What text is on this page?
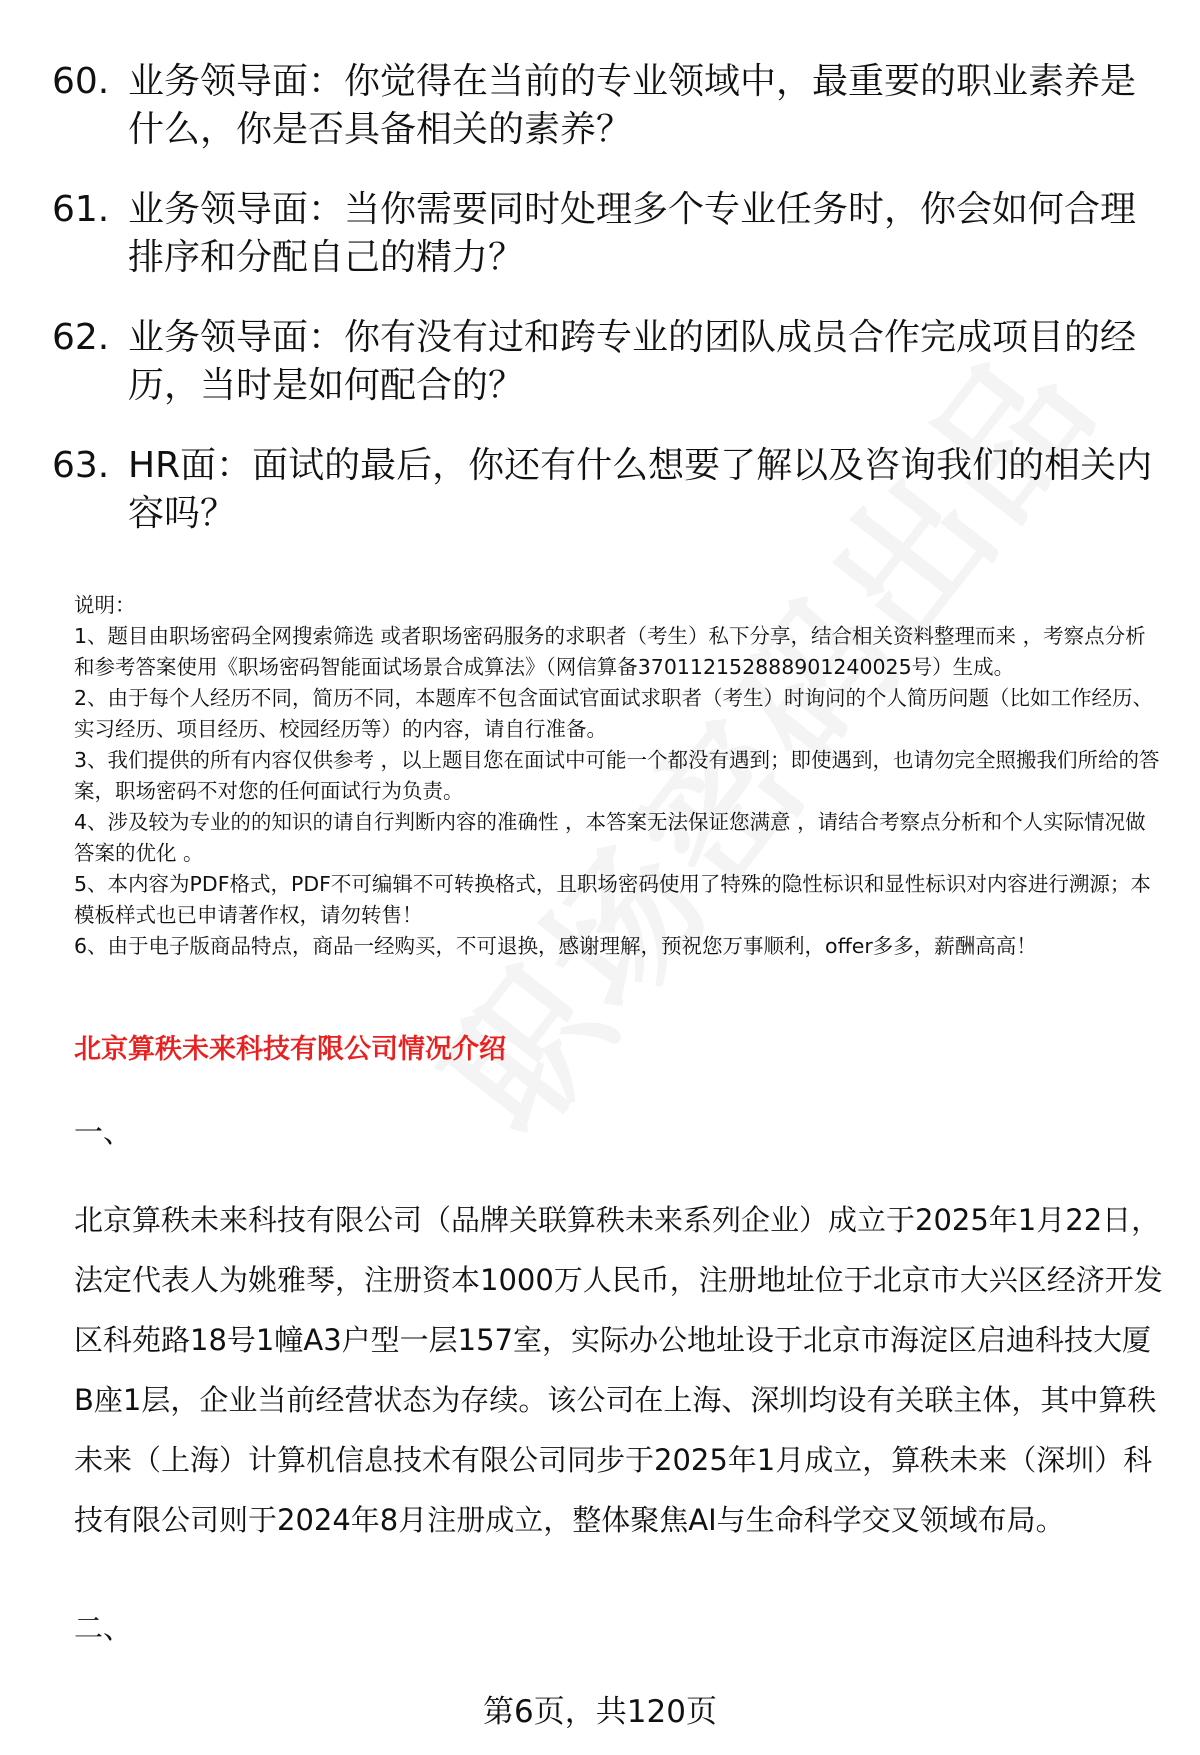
60. 业务领导面：你觉得在当前的专业领域中，最重要的职业素养是什么，你是否具备相关的素养？
61. 业务领导面：当你需要同时处理多个专业任务时，你会如何合理排序和分配自己的精力？
62. 业务领导面：你有没有过和跨专业的团队成员合作完成项目的经历，当时是如何配合的？
63. HR面：面试的最后，你还有什么想要了解以及咨询我们的相关内容吗？

说明：

1、题目由职场密码全网搜索筛选 或者职场密码服务的求职者（考生）私下分享，结合相关资料整理而来 ，考察点分析和参考答案使用《职场密码智能面试场景合成算法》（网信算备370112152888901240025号）生成。

2、由于每个人经历不同，简历不同，本题库不包含面试官面试求职者（考生）时询问的个人简历问题（比如工作经历、实习经历、项目经历、校园经历等）的内容，请自行准备。

3、我们提供的所有内容仅供参考 ，以上题目您在面试中可能一个都没有遇到；即使遇到，也请勿完全照搬我们所给的答案，职场密码不对您的任何面试行为负责。

4、涉及较为专业的的知识的请自行判断内容的准确性 ，本答案无法保证您满意 ，请结合考察点分析和个人实际情况做答案的优化 。

5、本内容为PDF格式，PDF不可编辑不可转换格式，且职场密码使用了特殊的隐性标识和显性标识对内容进行溯源；本模板样式也已申请著作权，请勿转售！

6、由于电子版商品特点，商品一经购买，不可退换，感谢理解，预祝您万事顺利，offer多多，薪酬高高！

北京算秩未来科技有限公司情况介绍
一、
北京算秩未来科技有限公司（品牌关联算秩未来系列企业）成立于2025年1月22日，法定代表人为姚雅琴，注册资本1000万人民币，注册地址位于北京市大兴区经济开发区科苑路18号1幢A3户型一层157室，实际办公地址设于北京市海淀区启迪科技大厦B座1层，企业当前经营状态为存续。该公司在上海、深圳均设有关联主体，其中算秩未来（上海）计算机信息技术有限公司同步于2025年1月成立，算秩未来（深圳）科技有限公司则于2024年8月注册成立，整体聚焦AI与生命科学交叉领域布局。
二、
第6页，共120页
